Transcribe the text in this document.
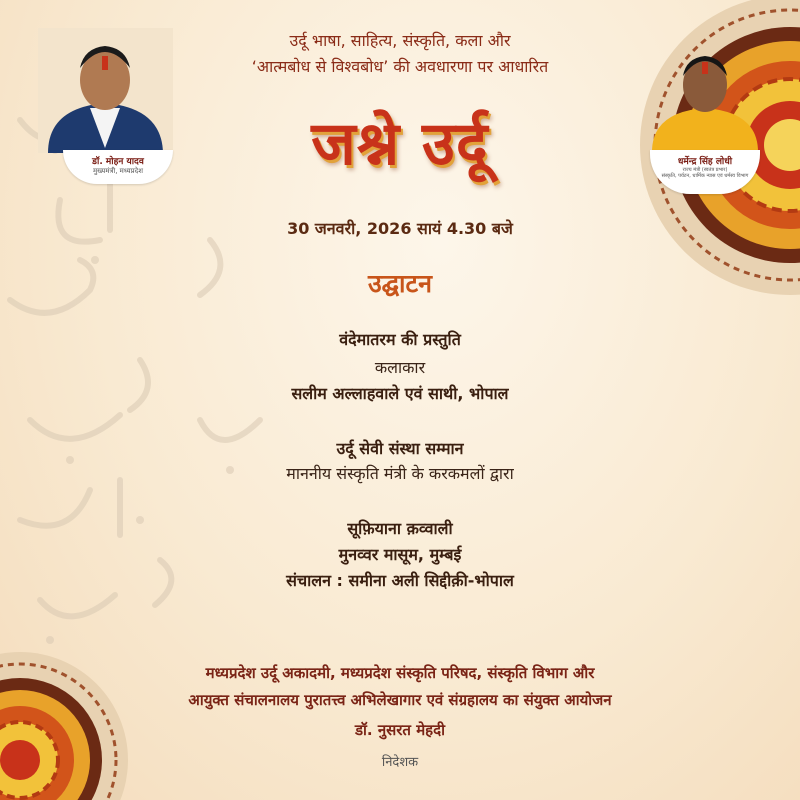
डॉ. मोहन यादव
मुख्यमंत्री, मध्यप्रदेश
धर्मेन्द्र सिंह लोधी
राज्य मंत्री (स्वतंत्र प्रभार)
संस्कृति, पर्यटन, धार्मिक न्यास एवं धर्मस्व विभाग
उर्दू भाषा, साहित्य, संस्कृति, कला और
‘आत्मबोध से विश्वबोध’ की अवधारणा पर आधारित
जश्ने उर्दू
30 जनवरी, 2026 सायं 4.30 बजे
उद्घाटन
वंदेमातरम की प्रस्तुति
कलाकार
सलीम अल्लाहवाले एवं साथी, भोपाल
उर्दू सेवी संस्था सम्मान
माननीय संस्कृति मंत्री के करकमलों द्वारा
सूफ़ियाना क़व्वाली
मुनव्वर मासूम, मुम्बई
संचालन : समीना अली सिद्दीक़ी-भोपाल
मध्यप्रदेश उर्दू अकादमी, मध्यप्रदेश संस्कृति परिषद, संस्कृति विभाग और
आयुक्त संचालनालय पुरातत्त्व अभिलेखागार एवं संग्रहालय का संयुक्त आयोजन
डॉ. नुसरत मेहदी
निदेशक
